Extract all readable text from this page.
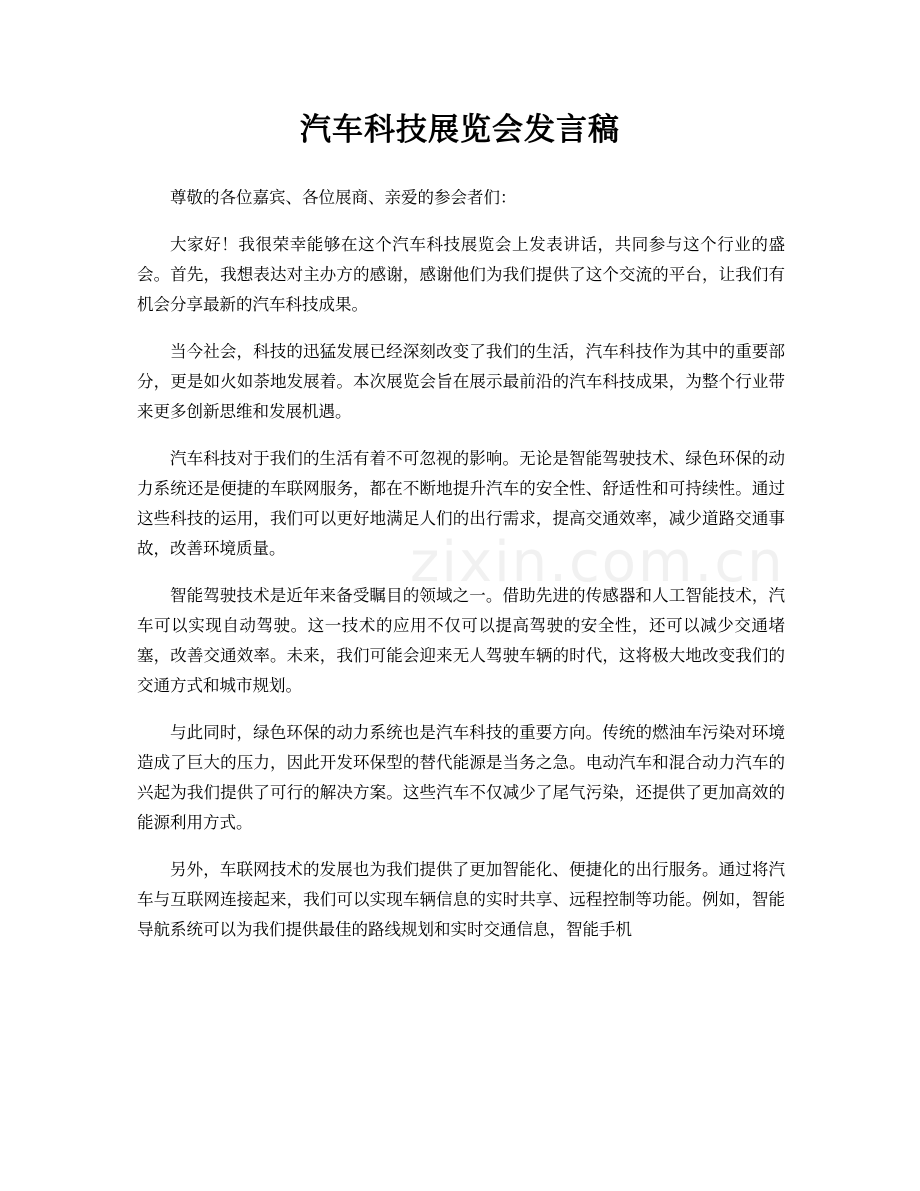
汽车科技展览会发言稿

尊敬的各位嘉宾、各位展商、亲爱的参会者们：

大家好！我很荣幸能够在这个汽车科技展览会上发表讲话，共同参与这个行业的盛会。首先，我想表达对主办方的感谢，感谢他们为我们提供了这个交流的平台，让我们有机会分享最新的汽车科技成果。

当今社会，科技的迅猛发展已经深刻改变了我们的生活，汽车科技作为其中的重要部分，更是如火如荼地发展着。本次展览会旨在展示最前沿的汽车科技成果，为整个行业带来更多创新思维和发展机遇。

汽车科技对于我们的生活有着不可忽视的影响。无论是智能驾驶技术、绿色环保的动力系统还是便捷的车联网服务，都在不断地提升汽车的安全性、舒适性和可持续性。通过这些科技的运用，我们可以更好地满足人们的出行需求，提高交通效率，减少道路交通事故，改善环境质量。

智能驾驶技术是近年来备受瞩目的领域之一。借助先进的传感器和人工智能技术，汽车可以实现自动驾驶。这一技术的应用不仅可以提高驾驶的安全性，还可以减少交通堵塞，改善交通效率。未来，我们可能会迎来无人驾驶车辆的时代，这将极大地改变我们的交通方式和城市规划。

与此同时，绿色环保的动力系统也是汽车科技的重要方向。传统的燃油车污染对环境造成了巨大的压力，因此开发环保型的替代能源是当务之急。电动汽车和混合动力汽车的兴起为我们提供了可行的解决方案。这些汽车不仅减少了尾气污染，还提供了更加高效的能源利用方式。

另外，车联网技术的发展也为我们提供了更加智能化、便捷化的出行服务。通过将汽车与互联网连接起来，我们可以实现车辆信息的实时共享、远程控制等功能。例如，智能导航系统可以为我们提供最佳的路线规划和实时交通信息，智能手机

zixin.com.cn
